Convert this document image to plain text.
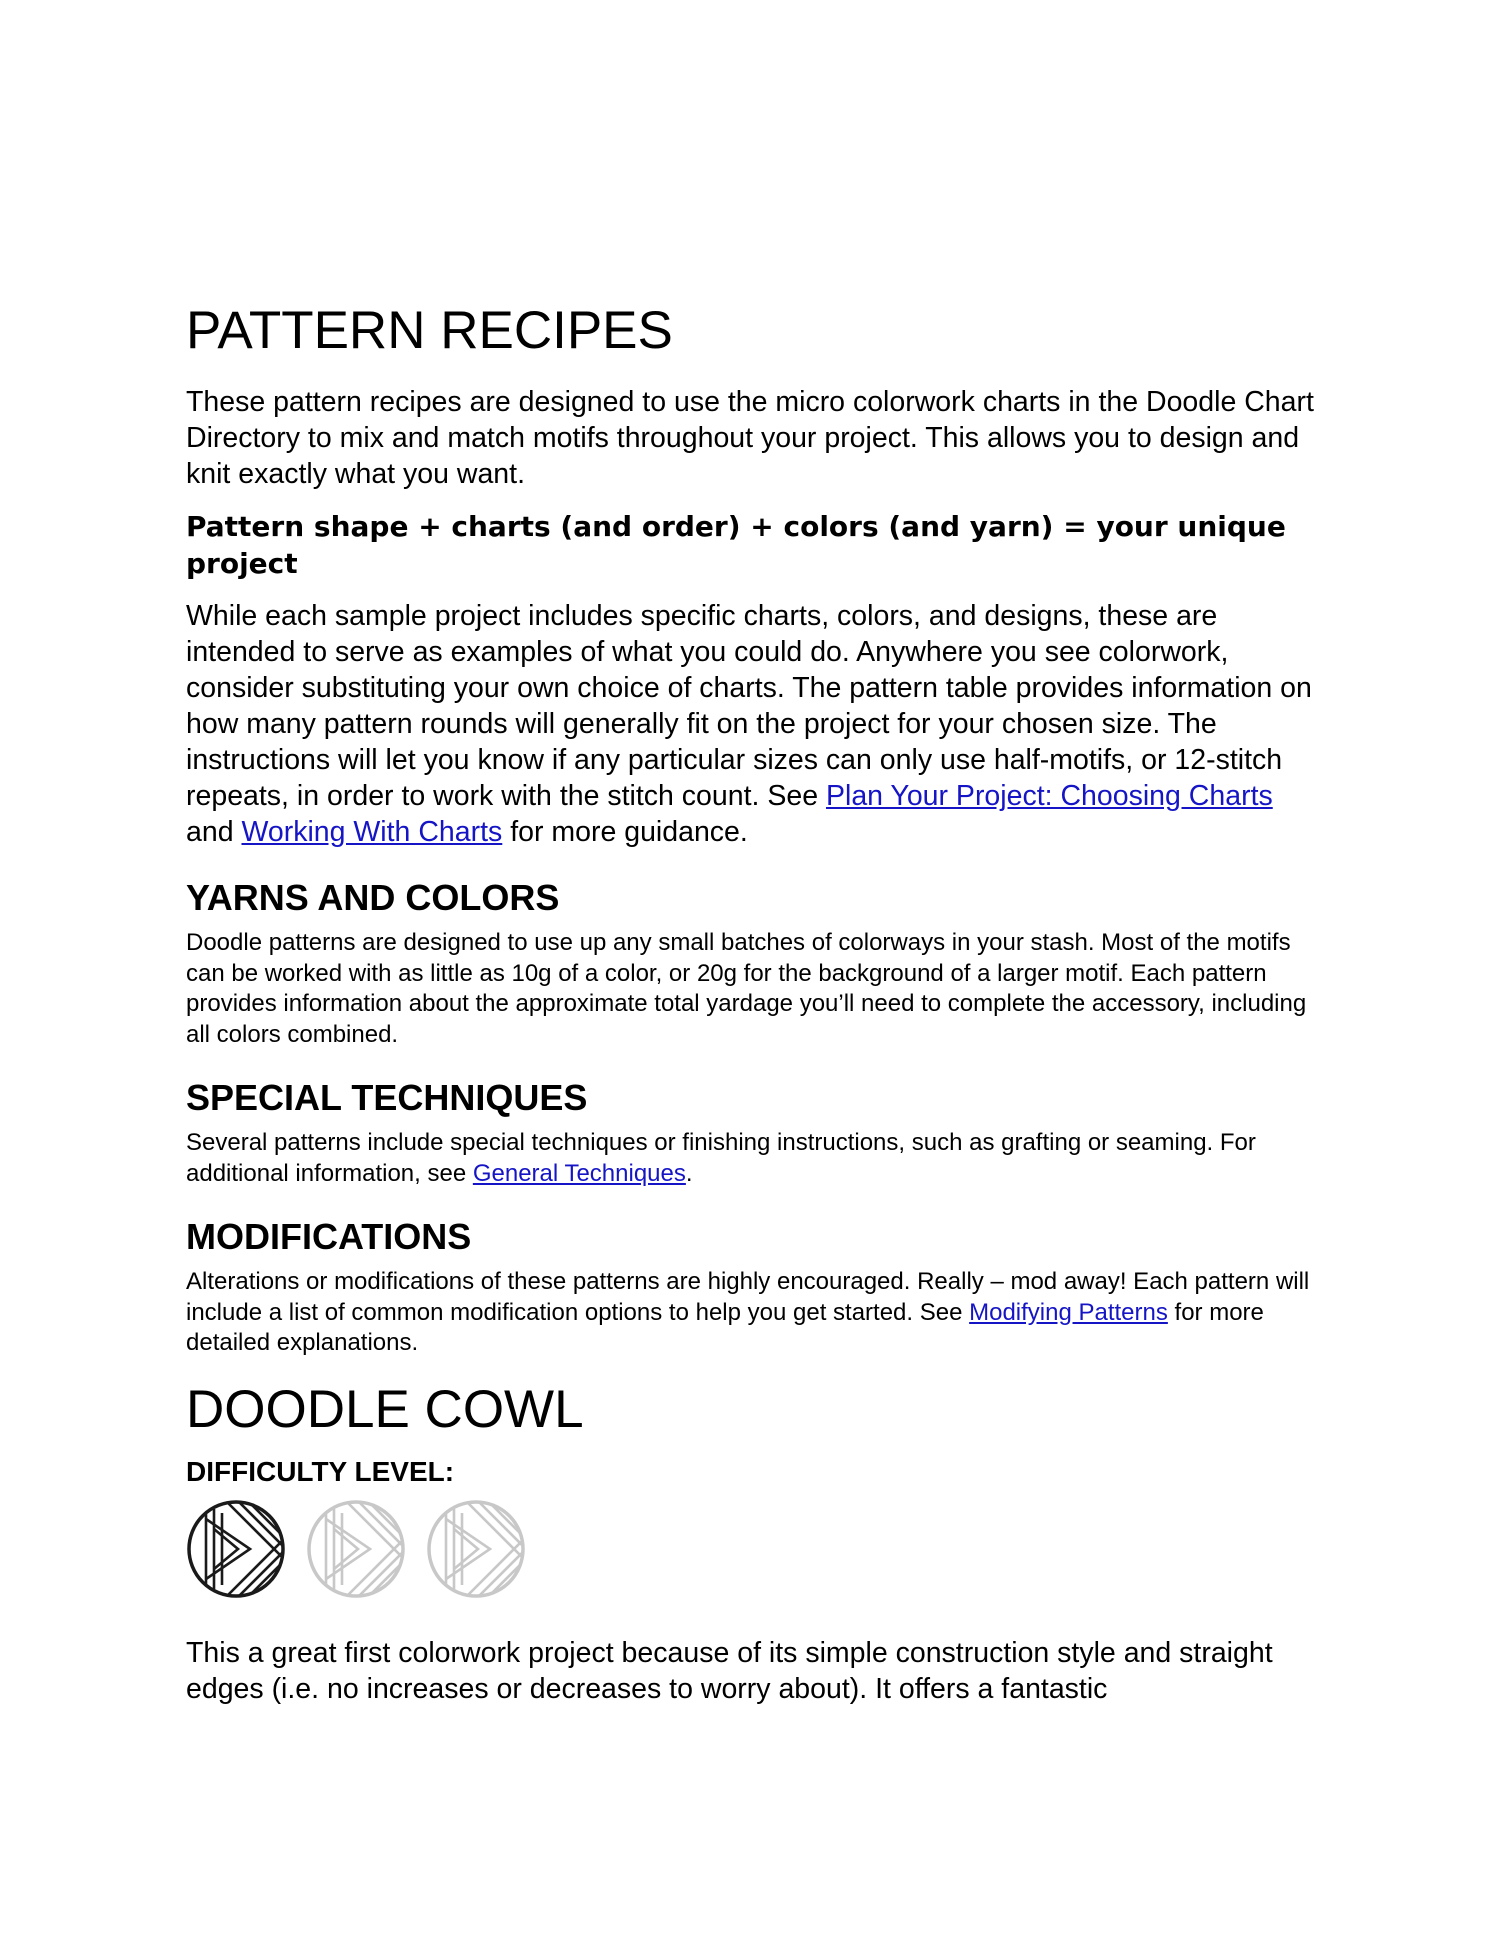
PATTERN RECIPES

These pattern recipes are designed to use the micro colorwork charts in the Doodle Chart Directory to mix and match motifs throughout your project. This allows you to design and knit exactly what you want.

Pattern shape + charts (and order) + colors (and yarn) = your unique project

While each sample project includes specific charts, colors, and designs, these are intended to serve as examples of what you could do. Anywhere you see colorwork, consider substituting your own choice of charts. The pattern table provides information on how many pattern rounds will generally fit on the project for your chosen size. The instructions will let you know if any particular sizes can only use half-motifs, or 12-stitch repeats, in order to work with the stitch count. See Plan Your Project: Choosing Charts and Working With Charts for more guidance.

YARNS AND COLORS

Doodle patterns are designed to use up any small batches of colorways in your stash. Most of the motifs can be worked with as little as 10g of a color, or 20g for the background of a larger motif. Each pattern provides information about the approximate total yardage you’ll need to complete the accessory, including all colors combined.

SPECIAL TECHNIQUES

Several patterns include special techniques or finishing instructions, such as grafting or seaming. For additional information, see General Techniques.

MODIFICATIONS

Alterations or modifications of these patterns are highly encouraged. Really – mod away! Each pattern will include a list of common modification options to help you get started. See Modifying Patterns for more detailed explanations.

DOODLE COWL
DIFFICULTY LEVEL:

This a great first colorwork project because of its simple construction style and straight edges (i.e. no increases or decreases to worry about). It offers a fantastic
